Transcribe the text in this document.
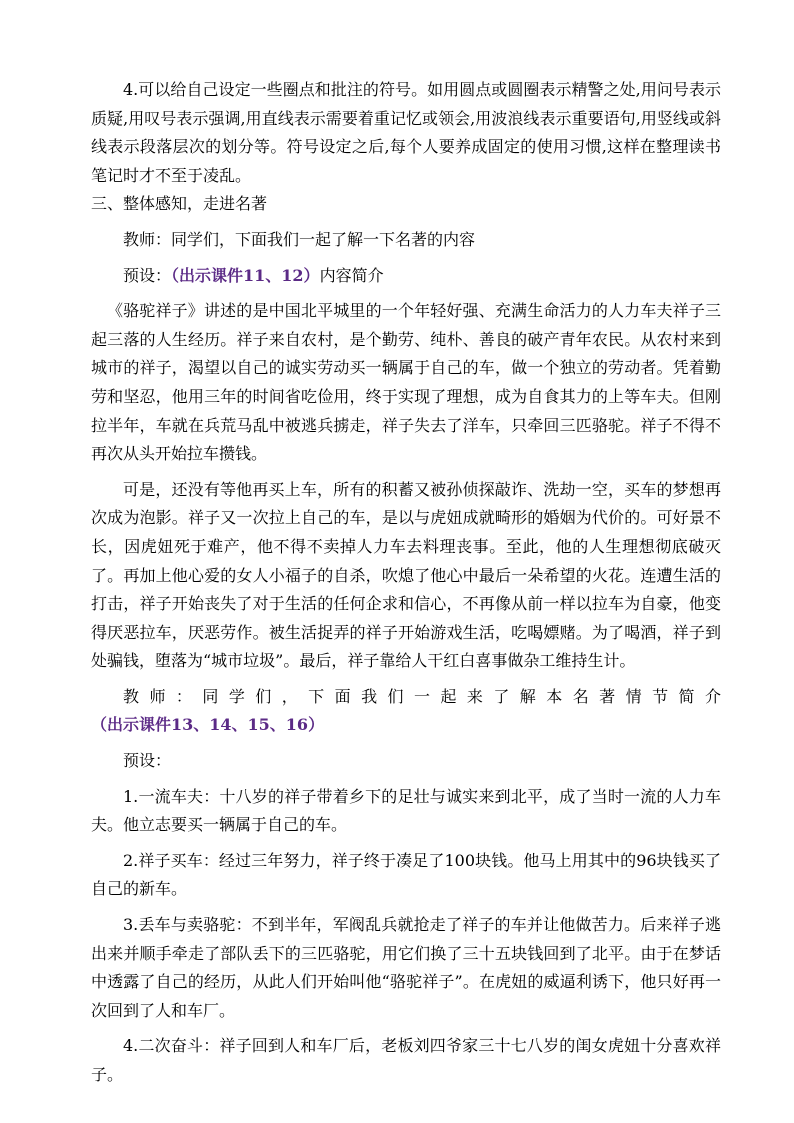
4.可以给自己设定一些圈点和批注的符号。如用圆点或圆圈表示精警之处,用问号表示质疑,用叹号表示强调,用直线表示需要着重记忆或领会,用波浪线表示重要语句,用竖线或斜线表示段落层次的划分等。符号设定之后,每个人要养成固定的使用习惯,这样在整理读书笔记时才不至于凌乱。

三、整体感知，走进名著

教师：同学们，下面我们一起了解一下名著的内容

预设：（出示课件11、12）内容简介

《骆驼祥子》讲述的是中国北平城里的一个年轻好强、充满生命活力的人力车夫祥子三起三落的人生经历。祥子来自农村，是个勤劳、纯朴、善良的破产青年农民。从农村来到城市的祥子，渴望以自己的诚实劳动买一辆属于自己的车，做一个独立的劳动者。凭着勤劳和坚忍，他用三年的时间省吃俭用，终于实现了理想，成为自食其力的上等车夫。但刚拉半年，车就在兵荒马乱中被逃兵掳走，祥子失去了洋车，只牵回三匹骆驼。祥子不得不再次从头开始拉车攒钱。

可是，还没有等他再买上车，所有的积蓄又被孙侦探敲诈、洗劫一空，买车的梦想再次成为泡影。祥子又一次拉上自己的车，是以与虎妞成就畸形的婚姻为代价的。可好景不长，因虎妞死于难产，他不得不卖掉人力车去料理丧事。至此，他的人生理想彻底破灭了。再加上他心爱的女人小福子的自杀，吹熄了他心中最后一朵希望的火花。连遭生活的打击，祥子开始丧失了对于生活的任何企求和信心，不再像从前一样以拉车为自豪，他变得厌恶拉车，厌恶劳作。被生活捉弄的祥子开始游戏生活，吃喝嫖赌。为了喝酒，祥子到处骗钱，堕落为“城市垃圾”。最后，祥子靠给人干红白喜事做杂工维持生计。

教师：同学们，下面我们一起来了解本名著情节简介（出示课件13、14、15、16）

预设：

1.一流车夫：十八岁的祥子带着乡下的足壮与诚实来到北平，成了当时一流的人力车夫。他立志要买一辆属于自己的车。

2.祥子买车：经过三年努力，祥子终于凑足了100块钱。他马上用其中的96块钱买了自己的新车。

3.丢车与卖骆驼：不到半年，军阀乱兵就抢走了祥子的车并让他做苦力。后来祥子逃出来并顺手牵走了部队丢下的三匹骆驼，用它们换了三十五块钱回到了北平。由于在梦话中透露了自己的经历，从此人们开始叫他“骆驼祥子”。在虎妞的威逼利诱下，他只好再一次回到了人和车厂。

4.二次奋斗：祥子回到人和车厂后，老板刘四爷家三十七八岁的闺女虎妞十分喜欢祥子。
